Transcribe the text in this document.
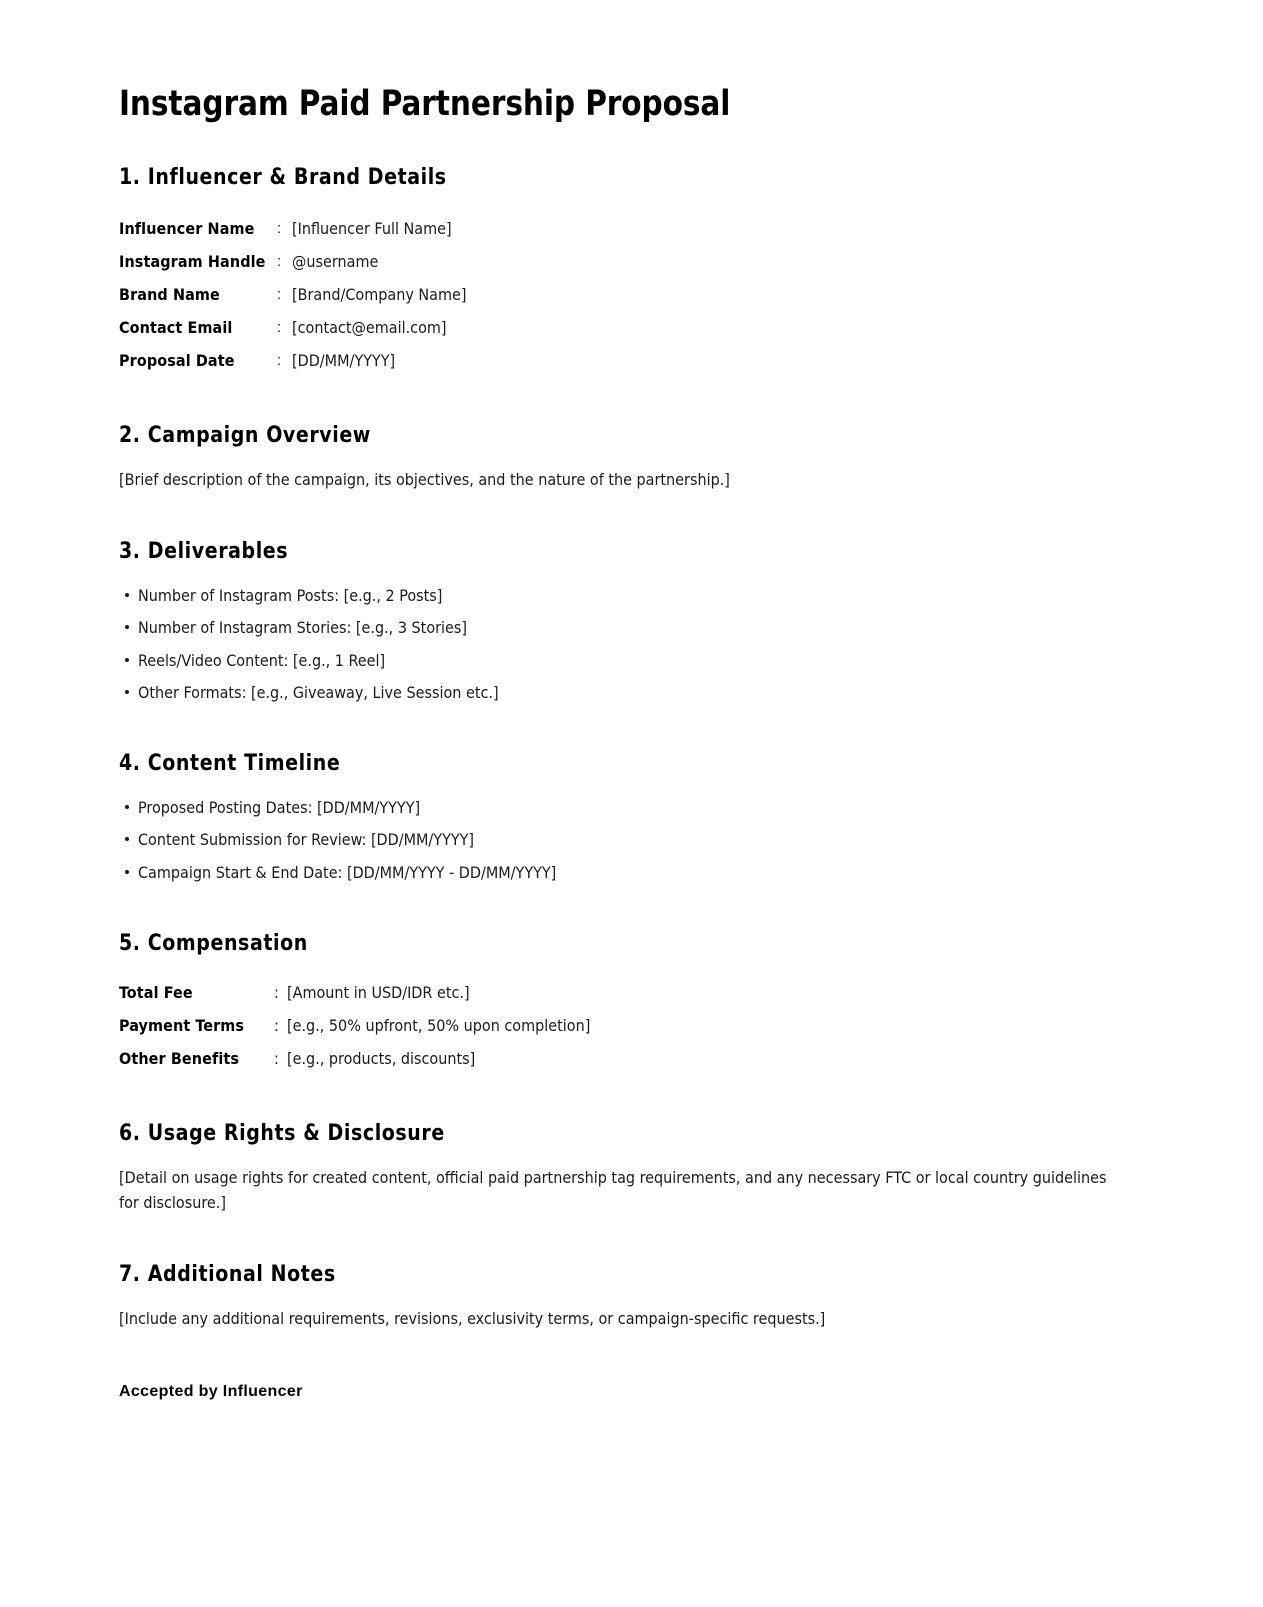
Instagram Paid Partnership Proposal
1. Influencer & Brand Details
Influencer Name	:	[Influencer Full Name]
Instagram Handle	:	@username
Brand Name	:	[Brand/Company Name]
Contact Email	:	[contact@email.com]
Proposal Date	:	[DD/MM/YYYY]
2. Campaign Overview

[Brief description of the campaign, its objectives, and the nature of the partnership.]

3. Deliverables
Number of Instagram Posts: [e.g., 2 Posts]
Number of Instagram Stories: [e.g., 3 Stories]
Reels/Video Content: [e.g., 1 Reel]
Other Formats: [e.g., Giveaway, Live Session etc.]
4. Content Timeline
Proposed Posting Dates: [DD/MM/YYYY]
Content Submission for Review: [DD/MM/YYYY]
Campaign Start & End Date: [DD/MM/YYYY - DD/MM/YYYY]
5. Compensation
Total Fee	: [Amount in USD/IDR etc.]
Payment Terms	: [e.g., 50% upfront, 50% upon completion]
Other Benefits	: [e.g., products, discounts]
6. Usage Rights & Disclosure

[Detail on usage rights for created content, official paid partnership tag requirements, and any necessary FTC or local country guidelines for disclosure.]

7. Additional Notes

[Include any additional requirements, revisions, exclusivity terms, or campaign-specific requests.]

Accepted by Influencer
